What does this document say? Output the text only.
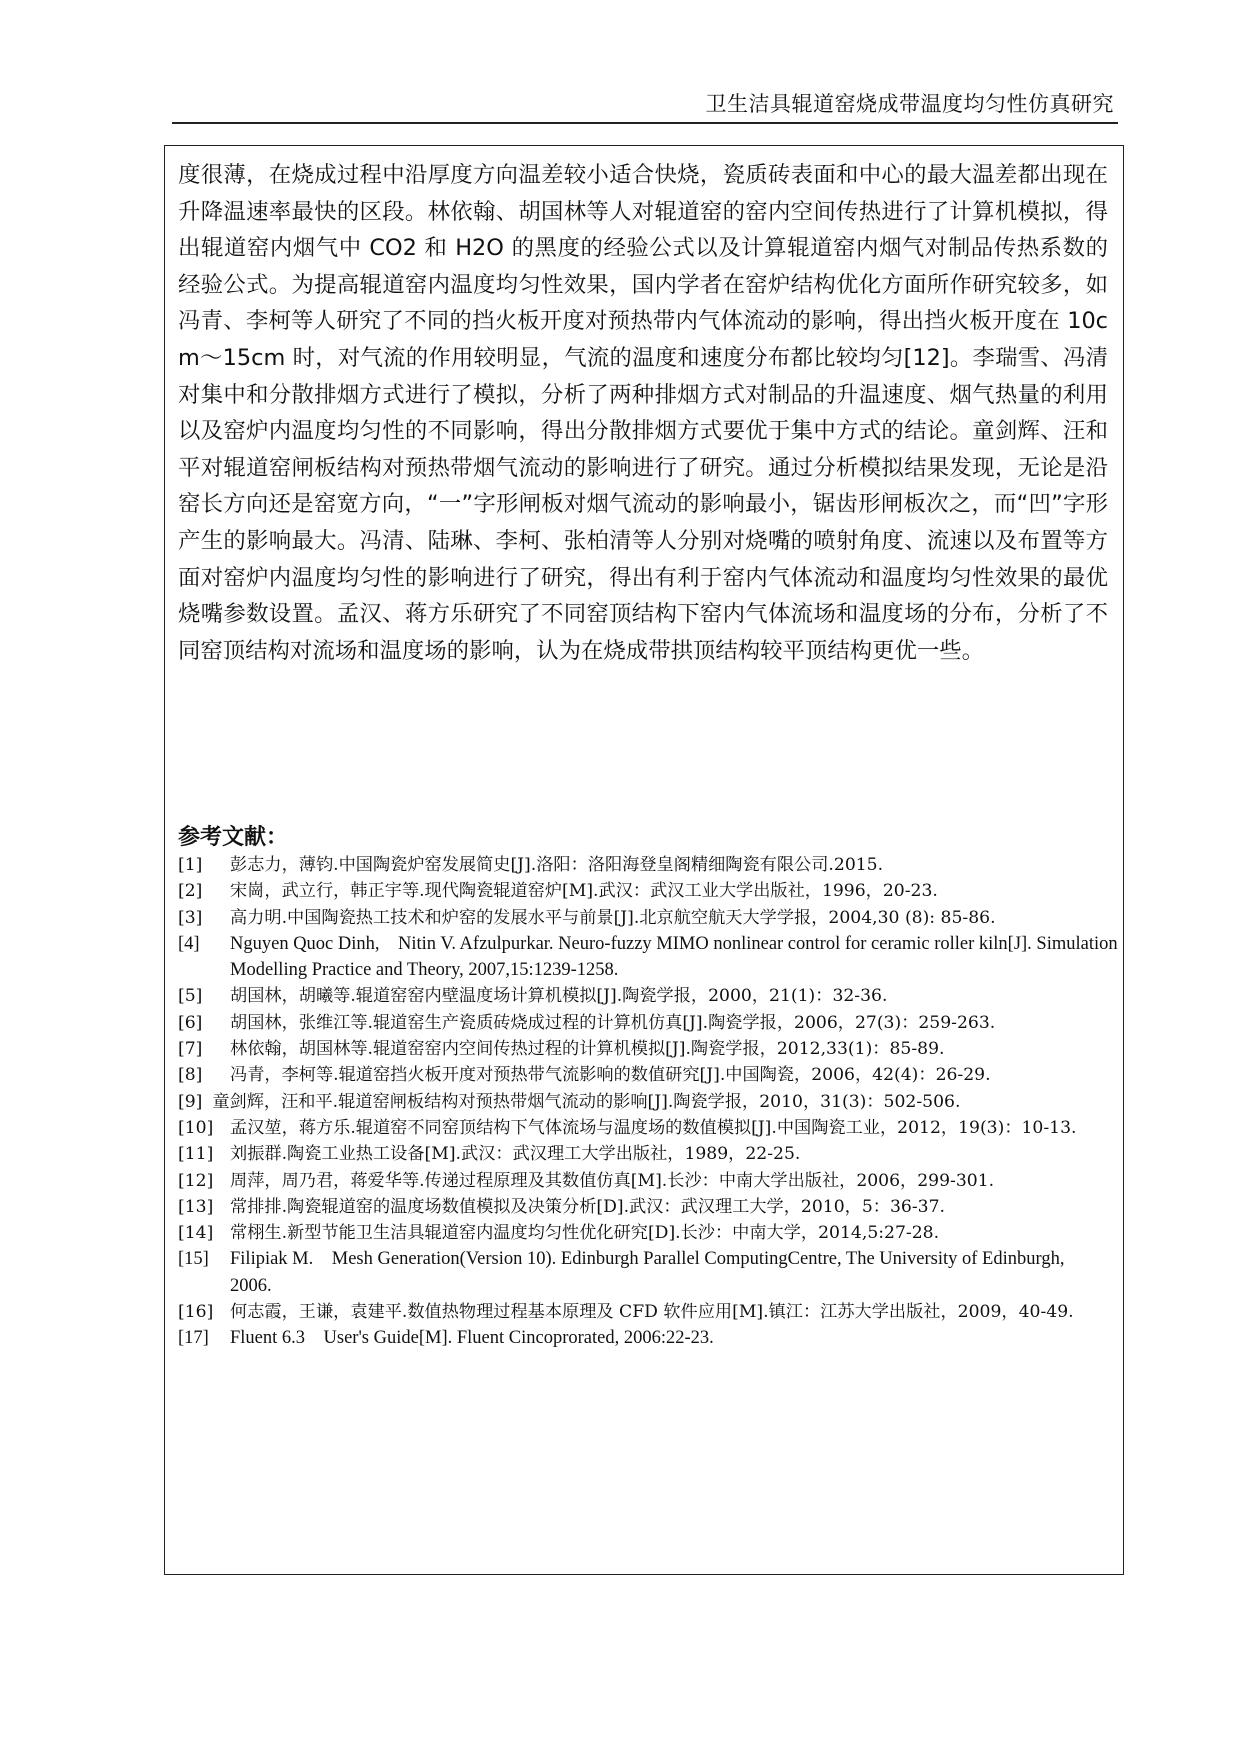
卫生洁具辊道窑烧成带温度均匀性仿真研究

度很薄，在烧成过程中沿厚度方向温差较小适合快烧，瓷质砖表面和中心的最大温差都出现在升降温速率最快的区段。林依翰、胡国林等人对辊道窑的窑内空间传热进行了计算机模拟，得出辊道窑内烟气中 CO2 和 H2O 的黑度的经验公式以及计算辊道窑内烟气对制品传热系数的经验公式。为提高辊道窑内温度均匀性效果，国内学者在窑炉结构优化方面所作研究较多，如冯青、李柯等人研究了不同的挡火板开度对预热带内气体流动的影响，得出挡火板开度在 10cm～15cm 时，对气流的作用较明显，气流的温度和速度分布都比较均匀[12]。李瑞雪、冯清对集中和分散排烟方式进行了模拟，分析了两种排烟方式对制品的升温速度、烟气热量的利用以及窑炉内温度均匀性的不同影响，得出分散排烟方式要优于集中方式的结论。童剑辉、汪和平对辊道窑闸板结构对预热带烟气流动的影响进行了研究。通过分析模拟结果发现，无论是沿窑长方向还是窑宽方向，“一”字形闸板对烟气流动的影响最小，锯齿形闸板次之，而“凹”字形产生的影响最大。冯清、陆琳、李柯、张柏清等人分别对烧嘴的喷射角度、流速以及布置等方面对窑炉内温度均匀性的影响进行了研究，得出有利于窑内气体流动和温度均匀性效果的最优烧嘴参数设置。孟汉、蒋方乐研究了不同窑顶结构下窑内气体流场和温度场的分布，分析了不同窑顶结构对流场和温度场的影响，认为在烧成带拱顶结构较平顶结构更优一些。

参考文献：
[1] 彭志力，薄钧.中国陶瓷炉窑发展简史[J].洛阳：洛阳海登皇阁精细陶瓷有限公司.2015.
[2] 宋崗，武立行，韩正宇等.现代陶瓷辊道窑炉[M].武汉：武汉工业大学出版社，1996，20-23.
[3] 高力明.中国陶瓷热工技术和炉窑的发展水平与前景[J].北京航空航天大学学报，2004,30 (8): 85-86.
[4] Nguyen Quoc Dinh,　Nitin V. Afzulpurkar. Neuro-fuzzy MIMO nonlinear control for ceramic roller kiln[J]. Simulation Modelling Practice and Theory, 2007,15:1239-1258.
[5] 胡国林，胡曦等.辊道窑窑内壁温度场计算机模拟[J].陶瓷学报，2000，21(1)：32-36.
[6] 胡国林，张维江等.辊道窑生产瓷质砖烧成过程的计算机仿真[J].陶瓷学报，2006，27(3)：259-263.
[7] 林依翰，胡国林等.辊道窑窑内空间传热过程的计算机模拟[J].陶瓷学报，2012,33(1)：85-89.
[8] 冯青，李柯等.辊道窑挡火板开度对预热带气流影响的数值研究[J].中国陶瓷，2006，42(4)：26-29.
[9] 童剑辉，汪和平.辊道窑闸板结构对预热带烟气流动的影响[J].陶瓷学报，2010，31(3)：502-506.
[10] 孟汉堃，蒋方乐.辊道窑不同窑顶结构下气体流场与温度场的数值模拟[J].中国陶瓷工业，2012，19(3)：10-13.
[11] 刘振群.陶瓷工业热工设备[M].武汉：武汉理工大学出版社，1989，22-25.
[12] 周萍，周乃君，蒋爱华等.传递过程原理及其数值仿真[M].长沙：中南大学出版社，2006，299-301.
[13] 常排排.陶瓷辊道窑的温度场数值模拟及决策分析[D].武汉：武汉理工大学，2010，5：36-37.
[14] 常栩生.新型节能卫生洁具辊道窑内温度均匀性优化研究[D].长沙：中南大学，2014,5:27-28.
[15] Filipiak M.　Mesh Generation(Version 10). Edinburgh Parallel ComputingCentre, The University of Edinburgh,　2006.
[16] 何志霞，王谦，袁建平.数值热物理过程基本原理及 CFD 软件应用[M].镇江：江苏大学出版社，2009，40-49.
[17] Fluent 6.3　User's Guide[M]. Fluent Cincoprorated, 2006:22-23.
